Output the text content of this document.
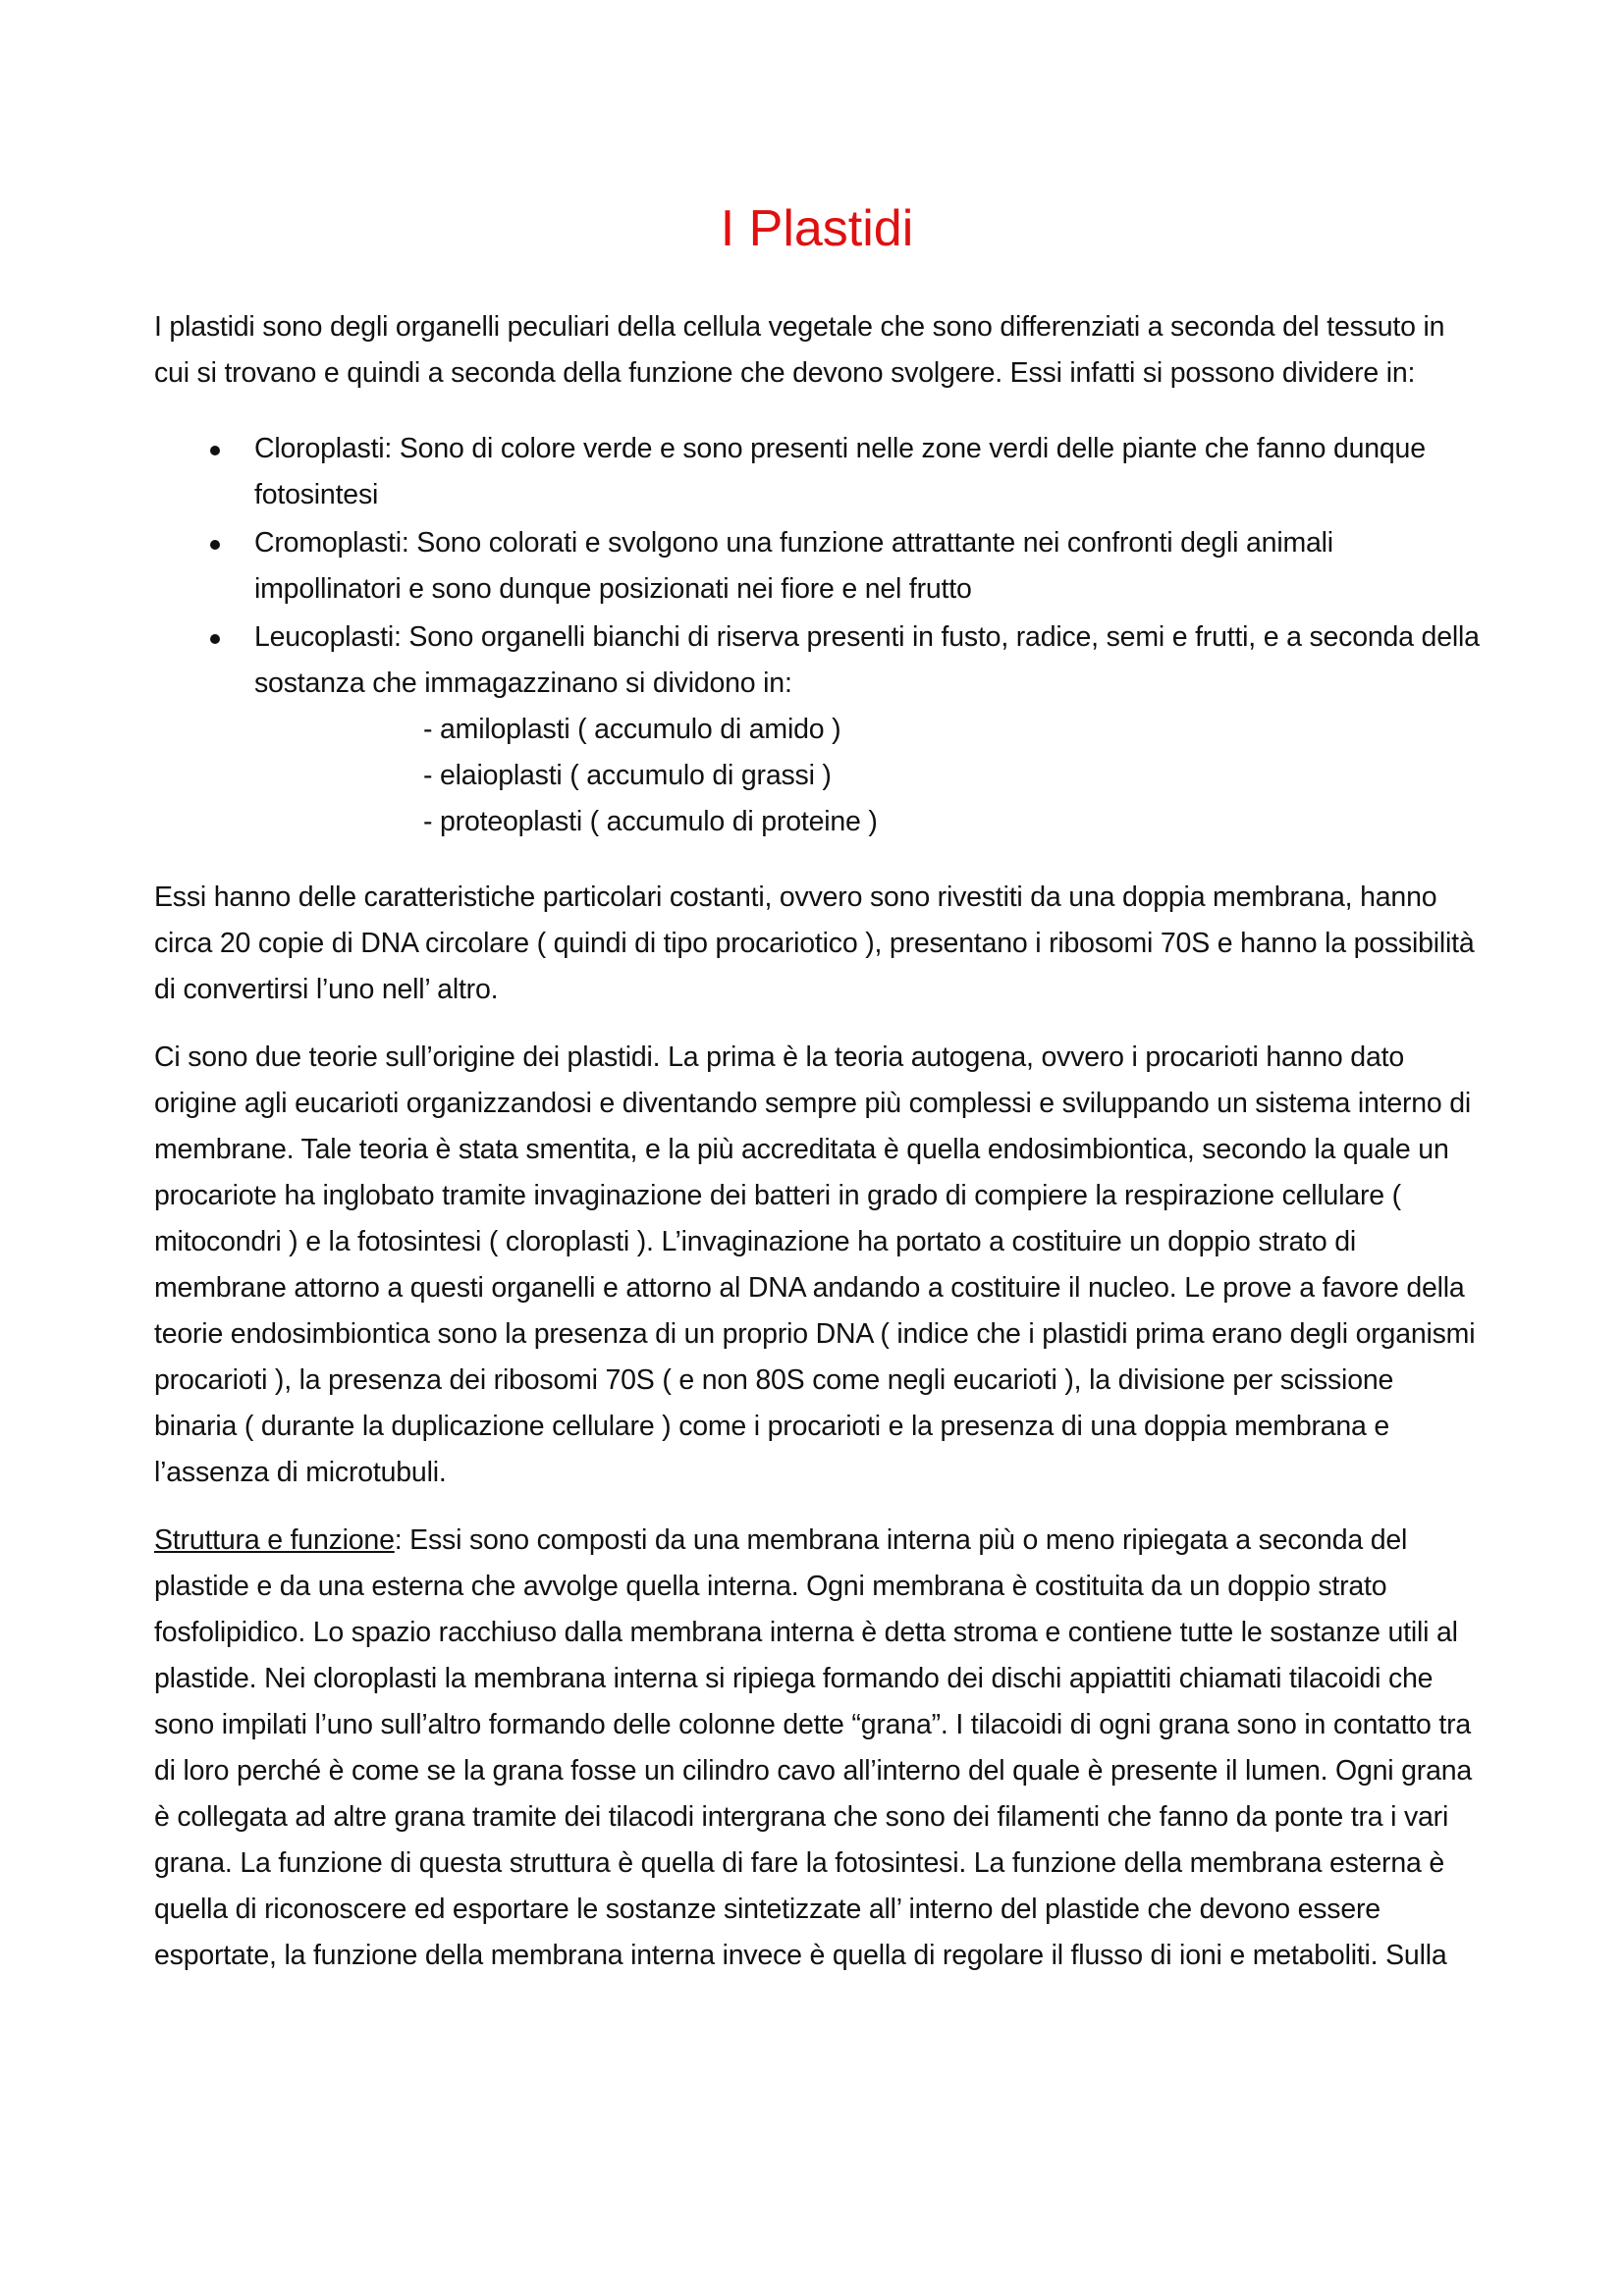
I Plastidi

I plastidi sono degli organelli peculiari della cellula vegetale che sono differenziati a seconda del tessuto in cui si trovano e quindi a seconda della funzione che devono svolgere. Essi infatti si possono dividere in:

Cloroplasti: Sono di colore verde e sono presenti nelle zone verdi delle piante che fanno dunque fotosintesi
Cromoplasti: Sono colorati e svolgono una funzione attrattante nei confronti degli animali impollinatori e sono dunque posizionati nei fiore e nel frutto
Leucoplasti: Sono organelli bianchi di riserva presenti in fusto, radice, semi e frutti, e a seconda della sostanza che immagazzinano si dividono in:
- amiloplasti ( accumulo di amido )
- elaioplasti ( accumulo di grassi )
- proteoplasti ( accumulo di proteine )

Essi hanno delle caratteristiche particolari costanti, ovvero sono rivestiti da una doppia membrana, hanno circa 20 copie di DNA circolare ( quindi di tipo procariotico ), presentano i ribosomi 70S e hanno la possibilità di convertirsi l’uno nell’ altro.

Ci sono due teorie sull’origine dei plastidi. La prima è la teoria autogena, ovvero i procarioti hanno dato origine agli eucarioti organizzandosi e diventando sempre più complessi e sviluppando un sistema interno di membrane. Tale teoria è stata smentita, e la più accreditata è quella endosimbiontica, secondo la quale un procariote ha inglobato tramite invaginazione dei batteri in grado di compiere la respirazione cellulare ( mitocondri ) e la fotosintesi ( cloroplasti ). L’invaginazione ha portato a costituire un doppio strato di membrane attorno a questi organelli e attorno al DNA andando a costituire il nucleo. Le prove a favore della teorie endosimbiontica sono la presenza di un proprio DNA ( indice che i plastidi prima erano degli organismi procarioti ), la presenza dei ribosomi 70S ( e non 80S come negli eucarioti ), la divisione per scissione binaria ( durante la duplicazione cellulare ) come i procarioti e la presenza di una doppia membrana e l’assenza di microtubuli.

Struttura e funzione: Essi sono composti da una membrana interna più o meno ripiegata a seconda del plastide e da una esterna che avvolge quella interna. Ogni membrana è costituita da un doppio strato fosfolipidico. Lo spazio racchiuso dalla membrana interna è detta stroma e contiene tutte le sostanze utili al plastide. Nei cloroplasti la membrana interna si ripiega formando dei dischi appiattiti chiamati tilacoidi che sono impilati l’uno sull’altro formando delle colonne dette “grana”. I tilacoidi di ogni grana sono in contatto tra di loro perché è come se la grana fosse un cilindro cavo all’interno del quale è presente il lumen. Ogni grana è collegata ad altre grana tramite dei tilacodi intergrana che sono dei filamenti che fanno da ponte tra i vari grana. La funzione di questa struttura è quella di fare la fotosintesi. La funzione della membrana esterna è quella di riconoscere ed esportare le sostanze sintetizzate all’ interno del plastide che devono essere esportate, la funzione della membrana interna invece è quella di regolare il flusso di ioni e metaboliti. Sulla
